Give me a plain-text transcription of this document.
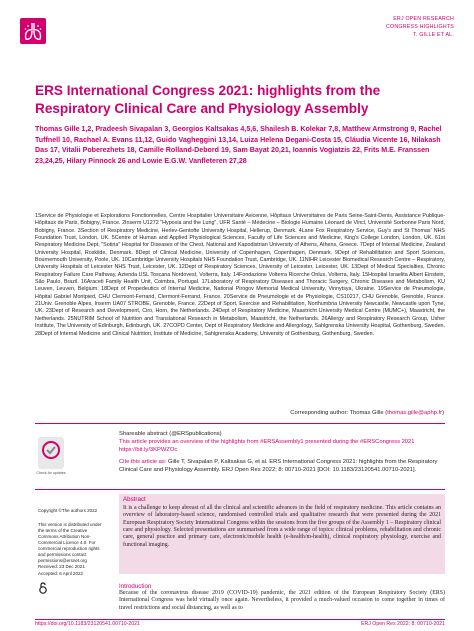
ERJ OPEN RESEARCH
CONGRESS HIGHLIGHTS
T. GILLE ET AL.
ERS International Congress 2021: highlights from the Respiratory Clinical Care and Physiology Assembly
Thomas Gille 1,2, Pradeesh Sivapalan 3, Georgios Kaltsakas 4,5,6, Shailesh B. Kolekar 7,8, Matthew Armstrong 9, Rachel Tuffnell 10, Rachael A. Evans 11,12, Guido Vagheggini 13,14, Luiza Helena Degani-Costa 15, Cláudia Vicente 16, Nilakash Das 17, Vitalii Poberezhets 18, Camille Rolland-Debord 19, Sam Bayat 20,21, Ioannis Vogiatzis 22, Frits M.E. Franssen 23,24,25, Hilary Pinnock 26 and Lowie E.G.W. Vanfleteren 27,28
1Service de Physiologie et Explorations Fonctionnelles, Centre Hospitalier Universitaire Avicenne, Hôpitaux Universitaires de Paris Seine-Saint-Denis, Assistance Publique-Hôpitaux de Paris, Bobigny, France. 2Inserm U1272 "Hypoxia and the Lung", UFR Santé – Médecine – Biologie Humaine Léonard de Vinci, Université Sorbonne Paris Nord, Bobigny, France. 3Section of Respiratory Medicine, Herlev-Gentofte University Hospital, Hellerup, Denmark. 4Lane Fox Respiratory Service, Guy's and St Thomas' NHS Foundation Trust, London, UK. 5Centre of Human and Applied Physiological Sciences, Faculty of Life Sciences and Medicine, King's College London, London, UK. 61st Respiratory Medicine Dept, "Sotiria" Hospital for Diseases of the Chest, National and Kapodistrian University of Athens, Athens, Greece. 7Dept of Internal Medicine, Zealand University Hospital, Roskilde, Denmark. 8Dept of Clinical Medicine, University of Copenhagen, Copenhagen, Denmark. 9Dept of Rehabilitation and Sport Sciences, Bournemouth University, Poole, UK. 10Cambridge University Hospitals NHS Foundation Trust, Cambridge, UK. 11NIHR Leicester Biomedical Research Centre – Respiratory, University Hospitals of Leicester NHS Trust, Leicester, UK. 12Dept of Respiratory Sciences, University of Leicester, Leicester, UK. 13Dept of Medical Specialties, Chronic Respiratory Failure Care Pathway, Azienda USL Toscana Nordovest, Volterra, Italy. 14Fondazione Volterra Ricerche Onlus, Volterra, Italy. 15Hospital Israelita Albert Einstein, São Paulo, Brazil. 16Araceti Family Health Unit, Coimbra, Portugal. 17Laboratory of Respiratory Diseases and Thoracic Surgery, Chronic Diseases and Metabolism, KU Leuven, Leuven, Belgium. 18Dept of Propedeutics of Internal Medicine, National Pirogov Memorial Medical University, Vinnytsya, Ukraine. 19Service de Pneumologie, Hôpital Gabriel Montpied, CHU Clermont-Ferrand, Clermont-Ferrand, France. 20Service de Pneumologie et de Physiologie, CS10217, CHU Grenoble, Grenoble, France. 21Univ. Grenoble Alpes, Inserm UA07 STROBE, Grenoble, France. 22Dept of Sport, Exercise and Rehabilitation, Northumbria University Newcastle, Newcastle upon Tyne, UK. 23Dept of Research and Development, Ciro, Horn, the Netherlands. 24Dept of Respiratory Medicine, Maastricht University Medical Centre (MUMC+), Maastricht, the Netherlands. 25NUTRIM School of Nutrition and Translational Research in Metabolism, Maastricht, the Netherlands. 26Allergy and Respiratory Research Group, Usher Institute, The University of Edinburgh, Edinburgh, UK. 27COPD Center, Dept of Respiratory Medicine and Allergology, Sahlgrenska University Hospital, Gothenburg, Sweden. 28Dept of Internal Medicine and Clinical Nutrition, Institute of Medicine, Sahlgrenska Academy, University of Gothenburg, Gothenburg, Sweden.
Corresponding author: Thomas Gille (thomas.gille@aphp.fr)
Check for updates
Shareable abstract (@ERSpublications)
This article provides an overview of the highlights from #ERSAssembly1 presented during the #ERSCongress 2021 https://bit.ly/3KPWZOc
Cite this article as: Gille T, Sivapalan P, Kaltsakas G, et al. ERS International Congress 2021: highlights from the Respiratory Clinical Care and Physiology Assembly. ERJ Open Res 2022; 8: 00710-2021 [DOI: 10.1183/23120541.00710-2021].
Copyright ©The authors 2022
This version is distributed under the terms of the Creative Commons Attribution Non-Commercial Licence 4.0. For commercial reproduction rights and permissions contact permissions@ersnet.org
Received: 23 Dec 2021
Accepted: 6 April 2022
Abstract
It is a challenge to keep abreast of all the clinical and scientific advances in the field of respiratory medicine. This article contains an overview of laboratory-based science, randomised controlled trials and qualitative research that were presented during the 2021 European Respiratory Society International Congress within the sessions from the five groups of the Assembly 1 – Respiratory clinical care and physiology. Selected presentations are summarised from a wide range of topics: clinical problems, rehabilitation and chronic care, general practice and primary care, electronic/mobile health (e-health/m-health), clinical respiratory physiology, exercise and functional imaging.
Introduction
Because of the coronavirus disease 2019 (COVID-19) pandemic, the 2021 edition of the European Respiratory Society (ERS) International Congress was held virtually once again. Nevertheless, it provided a much-valued occasion to come together in times of travel restrictions and social distancing, as well as to
https://doi.org/10.1183/23120541.00710-2021	ERJ Open Res 2022; 8: 00710-2021
